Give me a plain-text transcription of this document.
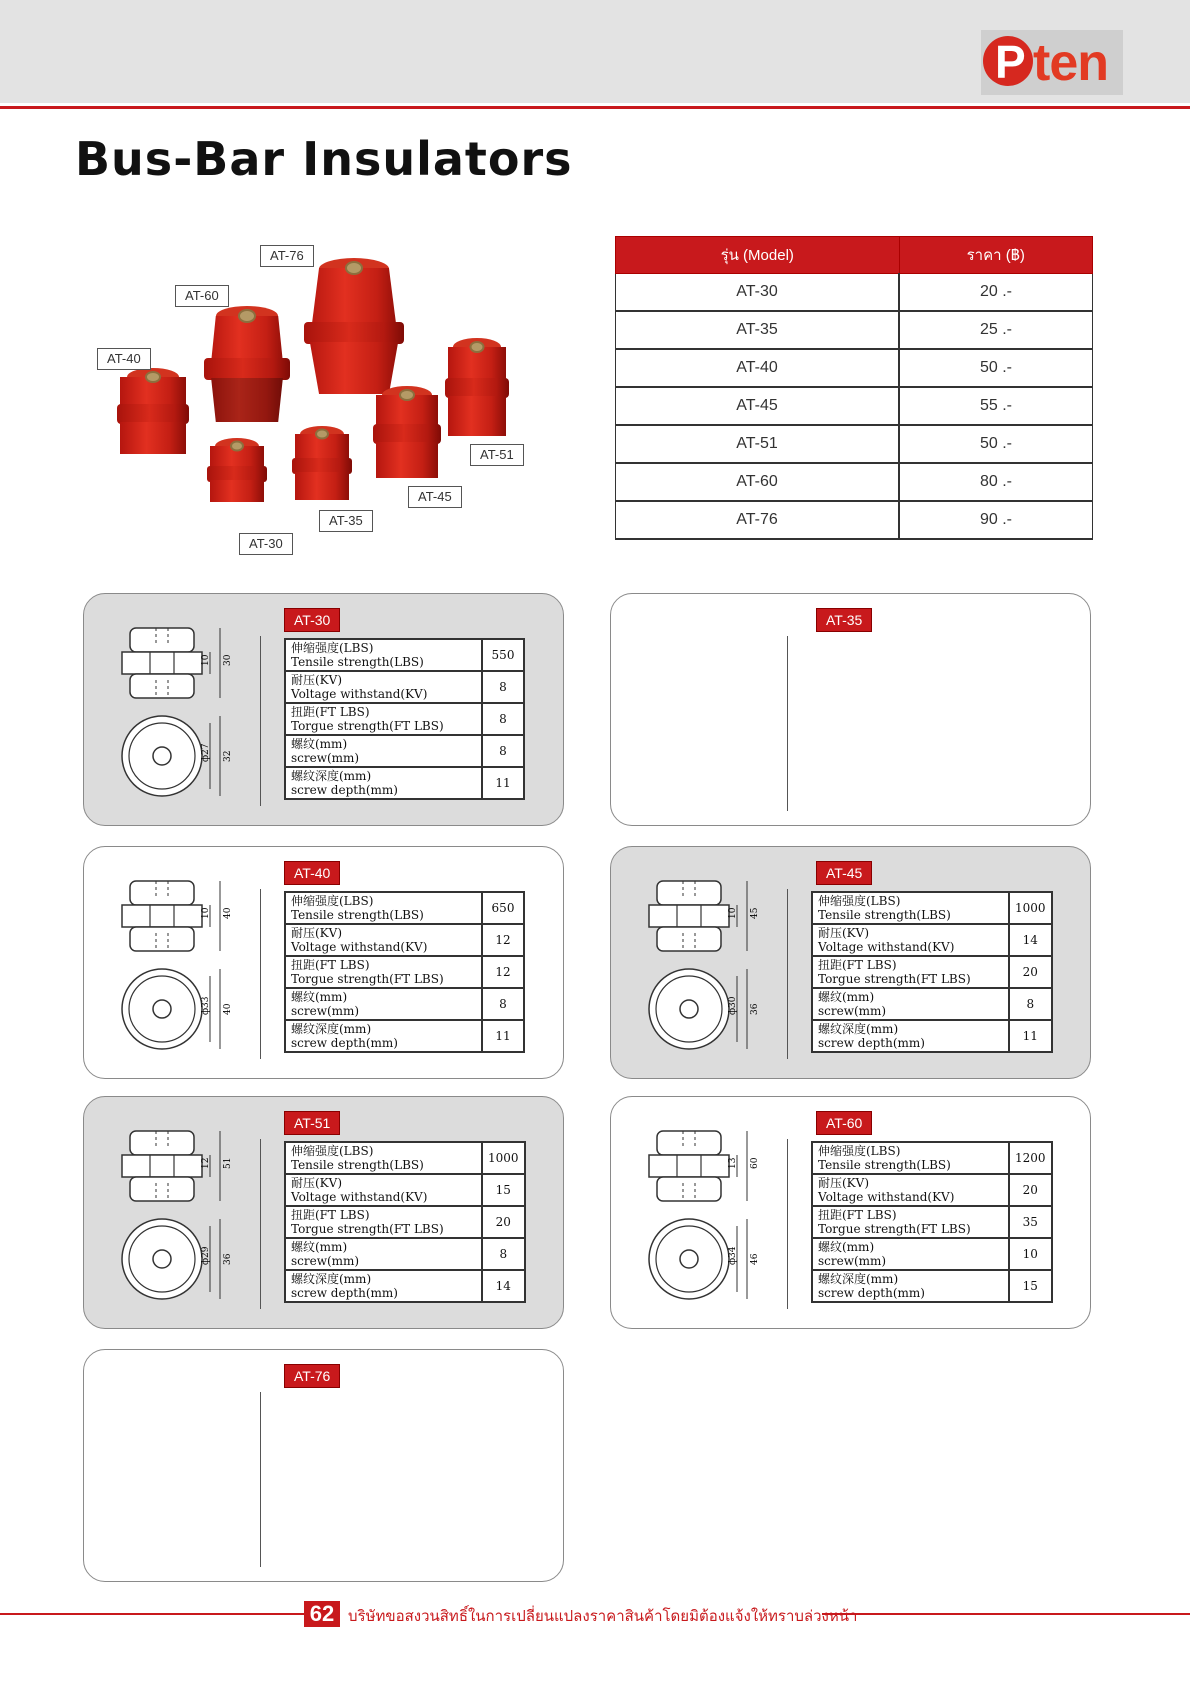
P ten
Bus-Bar Insulators
AT-76
AT-60
AT-40
AT-51
AT-45
AT-35
AT-30
รุ่น (Model)	ราคา (฿)
AT-30	20 .-
AT-35	25 .-
AT-40	50 .-
AT-45	55 .-
AT-51	50 .-
AT-60	80 .-
AT-76	90 .-
AT-30
10 30
ф27 32
伸缩强度(LBS)
Tensile strength(LBS)	550

耐压(KV)
Voltage withstand(KV)	8

扭距(FT LBS)
Torgue strength(FT LBS)	8

螺纹(mm)
screw(mm)	8

螺纹深度(mm)
screw depth(mm)	11
AT-35
AT-40
10 40
ф33 40
伸缩强度(LBS)
Tensile strength(LBS)	650

耐压(KV)
Voltage withstand(KV)	12

扭距(FT LBS)
Torgue strength(FT LBS)	12

螺纹(mm)
screw(mm)	8

螺纹深度(mm)
screw depth(mm)	11
AT-45
10 45
ф30 36
伸缩强度(LBS)
Tensile strength(LBS)	1000

耐压(KV)
Voltage withstand(KV)	14

扭距(FT LBS)
Torgue strength(FT LBS)	20

螺纹(mm)
screw(mm)	8

螺纹深度(mm)
screw depth(mm)	11
AT-51
12 51
ф29 36
伸缩强度(LBS)
Tensile strength(LBS)	1000

耐压(KV)
Voltage withstand(KV)	15

扭距(FT LBS)
Torgue strength(FT LBS)	20

螺纹(mm)
screw(mm)	8

螺纹深度(mm)
screw depth(mm)	14
AT-60
13 60
ф34 46
伸缩强度(LBS)
Tensile strength(LBS)	1200

耐压(KV)
Voltage withstand(KV)	20

扭距(FT LBS)
Torgue strength(FT LBS)	35

螺纹(mm)
screw(mm)	10

螺纹深度(mm)
screw depth(mm)	15
AT-76
62 บริษัทขอสงวนสิทธิ์ในการเปลี่ยนแปลงราคาสินค้าโดยมิต้องแจ้งให้ทราบล่วงหน้า
